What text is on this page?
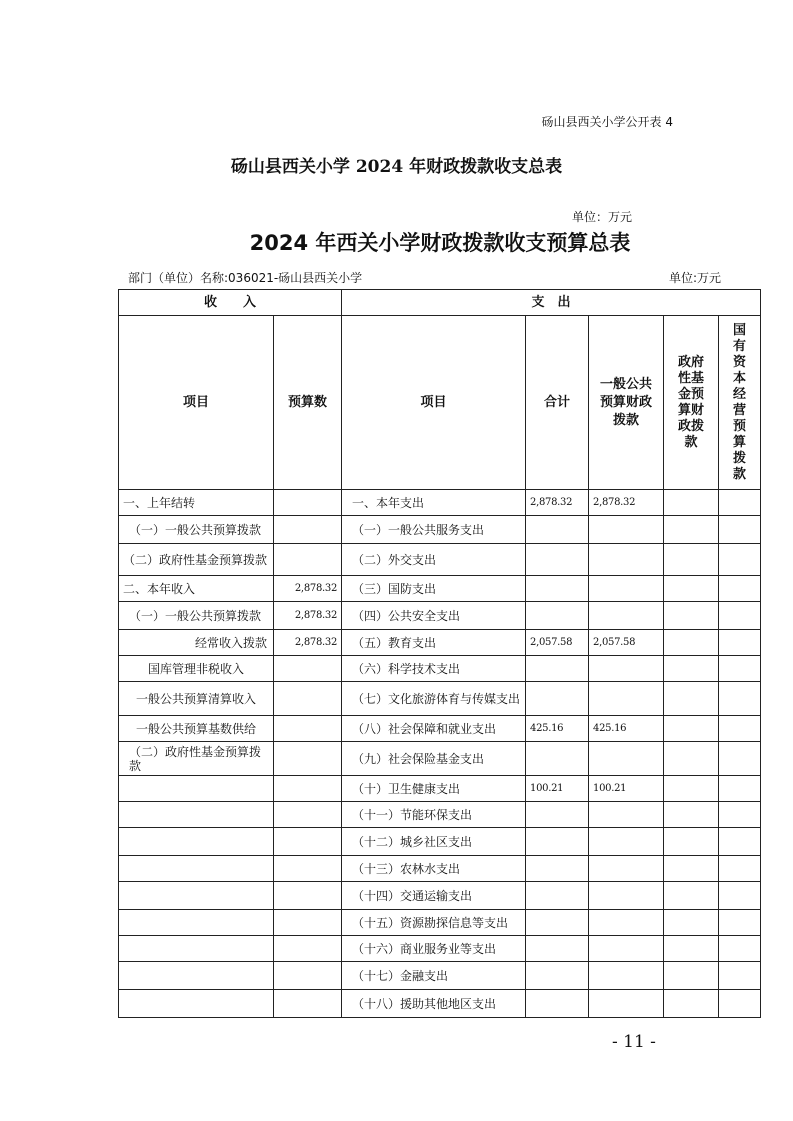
砀山县西关小学公开表 4
砀山县西关小学 2024 年财政拨款收支总表
单位：万元
2024 年西关小学财政拨款收支预算总表
部门（单位）名称:036021-砀山县西关小学	单位:万元
收　　入		支　出				
项目	预算数	项目	合计	一般公共预算财政拨款	政府性基金预算财政拨款	国有资本经营预算拨款

一、上年结转		一、本年支出	2,878.32	2,878.32		
（一）一般公共预算拨款		（一）一般公共服务支出				
（二）政府性基金预算拨款		（二）外交支出				
二、本年收入	2,878.32	（三）国防支出				
（一）一般公共预算拨款	2,878.32	（四）公共安全支出				
经常收入拨款	2,878.32	（五）教育支出	2,057.58	2,057.58		
国库管理非税收入		（六）科学技术支出				
一般公共预算清算收入		（七）文化旅游体育与传媒支出				
一般公共预算基数供给		（八）社会保障和就业支出	425.16	425.16		
（二）政府性基金预算拨款		（九）社会保险基金支出				
		（十）卫生健康支出	100.21	100.21		
		（十一）节能环保支出				
		（十二）城乡社区支出				
		（十三）农林水支出				
		（十四）交通运输支出				
		（十五）资源勘探信息等支出				
		（十六）商业服务业等支出				
		（十七）金融支出				
		（十八）援助其他地区支出				
- 11 -
